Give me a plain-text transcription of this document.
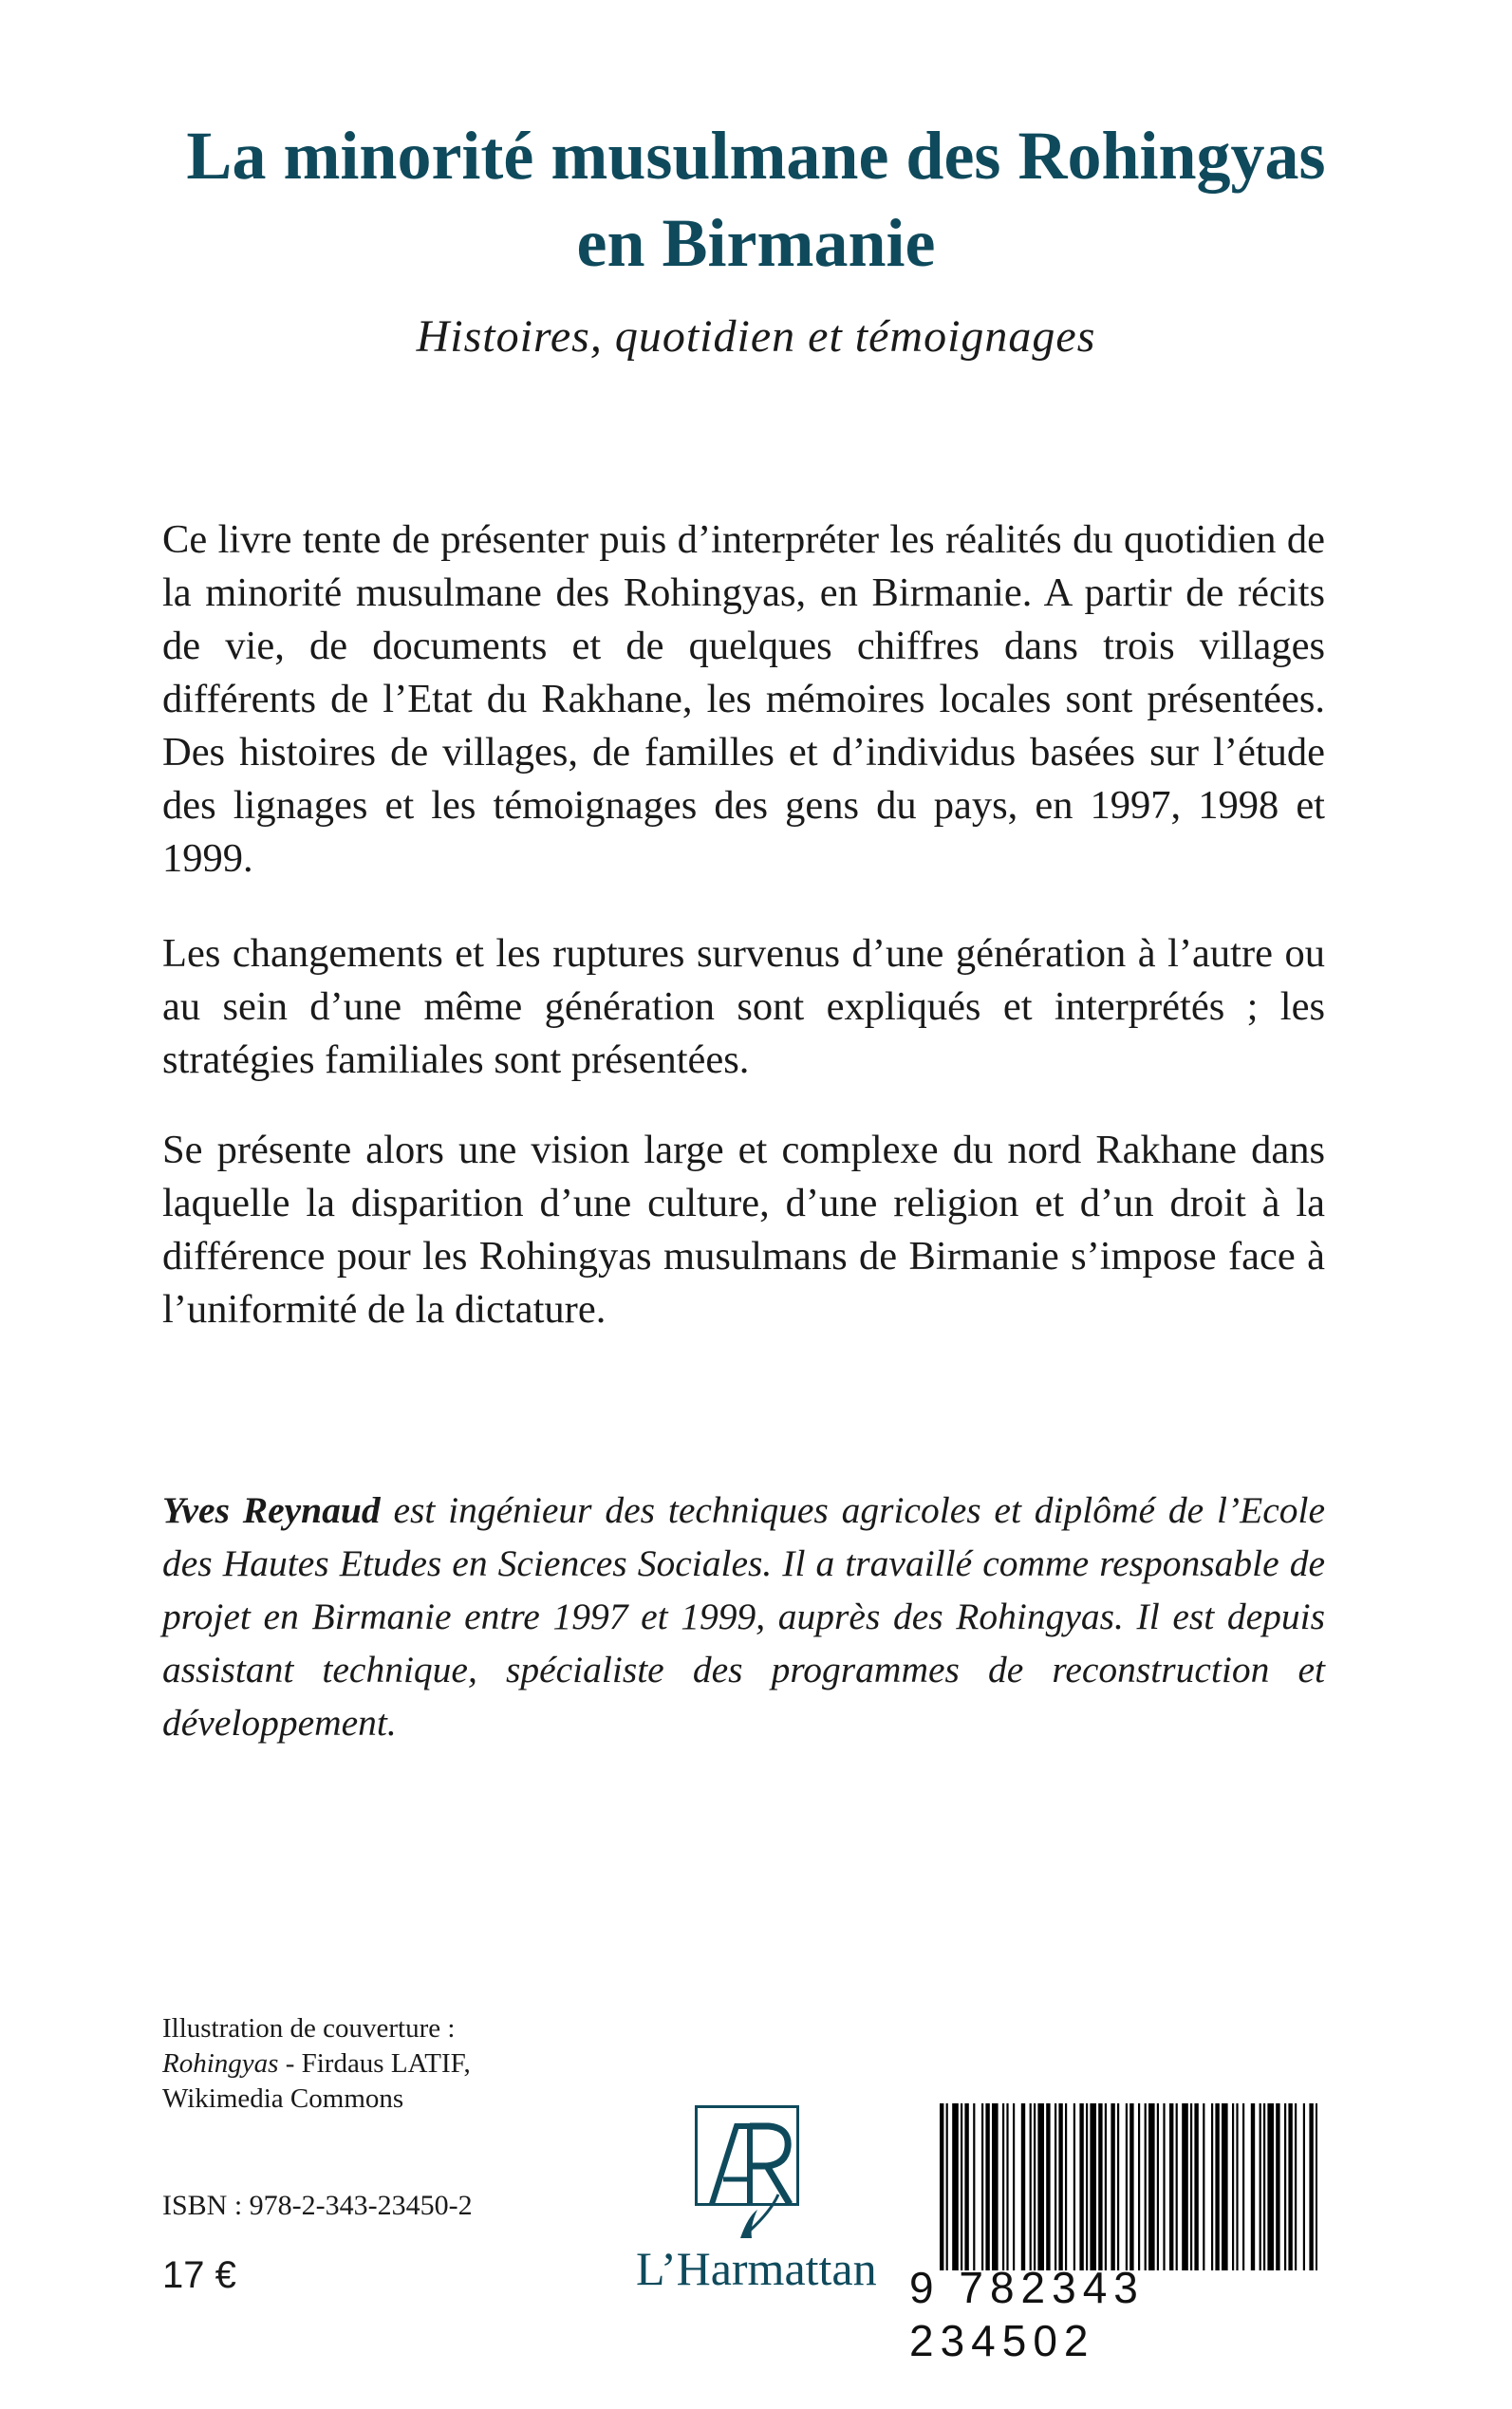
La minorité musulmane des Rohingyas
en Birmanie
Histoires, quotidien et témoignages

Ce livre tente de présenter puis d’interpréter les réalités du quotidien de la minorité musulmane des Rohingyas, en Birmanie. A partir de récits de vie, de documents et de quelques chiffres dans trois villages différents de l’Etat du Rakhane, les mémoires locales sont présentées. Des histoires de villages, de familles et d’individus basées sur l’étude des lignages et les témoignages des gens du pays, en 1997, 1998 et 1999.

Les changements et les ruptures survenus d’une génération à l’autre ou au sein d’une même génération sont expliqués et interprétés ; les stratégies familiales sont présentées.

Se présente alors une vision large et complexe du nord Rakhane dans laquelle la disparition d’une culture, d’une religion et d’un droit à la différence pour les Rohingyas musulmans de Birmanie s’impose face à l’uniformité de la dictature.

Yves Reynaud est ingénieur des techniques agricoles et diplômé de l’Ecole des Hautes Etudes en Sciences Sociales. Il a travaillé comme responsable de projet en Birmanie entre 1997 et 1999, auprès des Rohingyas. Il est depuis assistant technique, spécialiste des programmes de reconstruction et développement.

Illustration de couverture :
Rohingyas - Firdaus LATIF,
Wikimedia Commons
ISBN : 978-2-343-23450-2
17 €	L’Harmattan 9 782343 234502
